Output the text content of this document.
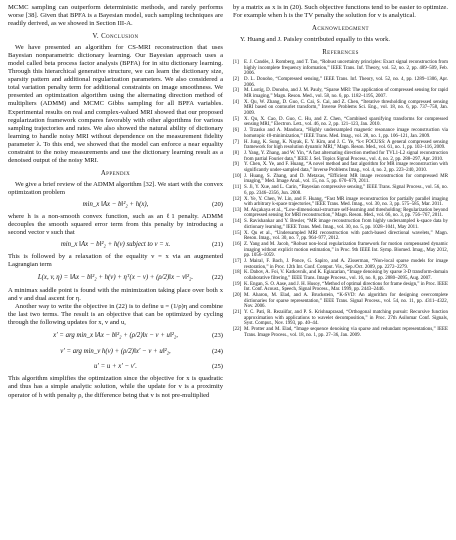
MCMC sampling can outperform deterministic methods, and rarely performs worse [38]. Given that BPFA is a Bayesian model, such sampling techniques are readily derived, as we showed in Section III-A.

V. Conclusion

We have presented an algorithm for CS-MRI reconstruction that uses Bayesian nonparametric dictionary learning. Our Bayesian approach uses a model called beta process factor analysis (BPFA) for in situ dictionary learning. Through this hierarchical generative structure, we can learn the dictionary size, sparsity pattern and additional regularization parameters. We also considered a total variation penalty term for additional constraints on image smoothness. We presented an optimization algorithm using the alternating direction method of multipliers (ADMM) and MCMC Gibbs sampling for all BPFA variables. Experimental results on real and complex-valued MRI showed that our proposed regularization framework compares favorably with other algorithms for various sampling trajectories and rates. We also showed the natural ability of dictionary learning to handle noisy MRI without dependence on the measurement fidelity parameter λ. To this end, we showed that the model can enforce a near equality constraint to the noisy measurements and use the dictionary learning result as a denoised output of the noisy MRI.

Appendix

We give a brief review of the ADMM algorithm [32]. We start with the convex optimization problem

min_x ‖Ax − b‖²₂ + h(x),	(20)

where h is a non-smooth convex function, such as an ℓ1 penalty. ADMM decouples the smooth squared error term from this penalty by introducing a second vector v such that

min_x ‖Ax − b‖²₂ + h(v) subject to v = x.	(21)

This is followed by a relaxation of the equality v = x via an augmented Lagrangian term

L(x, v, η) = ‖Ax − b‖²₂ + h(v) + ηᵀ(x − v) + (ρ/2)‖x − v‖²₂.	(22)

A minimax saddle point is found with the minimization taking place over both x and v and dual ascent for η.

Another way to write the objective in (22) is to define u = (1/ρ)η and combine the last two terms. The result is an objective that can be optimized by cycling through the following updates for x, v and u,

x′ = arg min_x ‖Ax − b‖²₂ + (ρ/2)‖x − v + u‖²₂,	(23)
v′ = arg min_v h(v) + (ρ/2)‖x′ − v + u‖²₂,	(24)
u′ = u + x′ − v′.	(25)

This algorithm simplifies the optimization since the objective for x is quadratic and thus has a simple analytic solution, while the update for v is a proximity operator of h with penalty ρ, the difference being that v is not pre-multiplied

by a matrix as x is in (20). Such objective functions tend to be easier to optimize. For example when h is the TV penalty the solution for v is analytical.

Acknowledgment

Y. Huang and J. Paisley contributed equally to this work.

References
[1]	E. J. Candès, J. Romberg, and T. Tao, “Robust uncertainty principles: Exact signal reconstruction from highly incomplete frequency information,” IEEE Trans. Inf. Theory, vol. 52, no. 2, pp. 489–509, Feb. 2006.
[2]	D. L. Donoho, “Compressed sensing,” IEEE Trans. Inf. Theory, vol. 52, no. 4, pp. 1289–1306, Apr. 2006.
[3]	M. Lustig, D. Donoho, and J. M. Pauly, “Sparse MRI: The application of compressed sensing for rapid MR imaging,” Magn. Reson. Med., vol. 58, no. 6, pp. 1182–1195, 2007.
[4]	X. Qu, W. Zhang, D. Guo, C. Cai, S. Cai, and Z. Chen, “Iterative thresholding compressed sensing MRI based on contourlet transform,” Inverse Problems Sci. Eng., vol. 18, no. 6, pp. 737–758, Jan. 2009.
[5]	X. Qu, X. Cao, D. Guo, C. Hu, and Z. Chen, “Combined sparsifying transforms for compressed sensing MRI,” Electron. Lett., vol. 46, no. 2, pp. 121–123, Jan. 2010.
[6]	J. Trzasko and A. Manduca, “Highly undersampled magnetic resonance image reconstruction via homotopic ℓ0-minimization,” IEEE Trans. Med. Imag., vol. 28, no. 1, pp. 106–121, Jan. 2009.
[7]	H. Jung, K. Sung, K. Nayak, E. Y. Kim, and J. C. Ye, “k-t FOCUSS: A general compressed sensing framework for high resolution dynamic MRI,” Magn. Reson. Med., vol. 61, no. 1, pp. 103–116, 2009.
[8]	J. Yang, Y. Zhang, and W. Yin, “A fast alternating direction method for TVL1-L2 signal reconstruction from partial Fourier data,” IEEE J. Sel. Topics Signal Process., vol. 4, no. 2, pp. 288–297, Apr. 2010.
[9]	Y. Chen, X. Ye, and F. Huang, “A novel method and fast algorithm for MR image reconstruction with significantly under-sampled data,” Inverse Problems Imag., vol. 4, no. 2, pp. 223–240, 2010.
[10] J. Huang, S. Zhang, and D. Metaxas, “Efficient MR image reconstruction for compressed MR imaging,” Med. Image Anal., vol. 15, no. 5, pp. 670–679, 2011.
[11] S. Ji, Y. Xue, and L. Carin, “Bayesian compressive sensing,” IEEE Trans. Signal Process., vol. 56, no. 6, pp. 2346–2356, Jun. 2008.
[12] X. Ye, Y. Chen, W. Lin, and F. Huang, “Fast MR image reconstruction for partially parallel imaging with arbitrary k-space trajectories,” IEEE Trans. Med. Imag., vol. 30, no. 3, pp. 575–585, Mar. 2011.
[13] M. Akçakaya et al., “Low-dimensional-structure self-learning and thresholding: Regularization beyond compressed sensing for MRI reconstruction,” Magn. Reson. Med., vol. 66, no. 3, pp. 756–767, 2011.
[14] S. Ravishankar and Y. Bresler, “MR image reconstruction from highly undersampled k-space data by dictionary learning,” IEEE Trans. Med. Imag., vol. 30, no. 5, pp. 1028–1041, May 2011.
[15] X. Qu et al., “Undersampled MRI reconstruction with patch-based directional wavelets,” Magn. Reson. Imag., vol. 30, no. 7, pp. 964–977, 2012.
[16] Z. Yang and M. Jacob, “Robust non-local regularization framework for motion compensated dynamic imaging without explicit motion estimation,” in Proc. 9th IEEE Int. Symp. Biomed. Imag., May 2012, pp. 1056–1059.
[17] J. Mairal, F. Bach, J. Ponce, G. Sapiro, and A. Zisserman, “Non-local sparse models for image restoration,” in Proc. 12th Int. Conf. Comput. Vis., Sep./Oct. 2009, pp. 2272–2279.
[18] K. Dabov, A. Foi, V. Katkovnik, and K. Egiazarian, “Image denoising by sparse 3-D transform-domain collaborative filtering,” IEEE Trans. Image Process., vol. 16, no. 8, pp. 2080–2095, Aug. 2007.
[19] K. Engan, S. O. Aase, and J. H. Husoy, “Method of optimal directions for frame design,” in Proc. IEEE Int. Conf. Acoust., Speech, Signal Process., Mar. 1999, pp. 2443–2446.
[20] M. Aharon, M. Elad, and A. Bruckstein, “K-SVD: An algorithm for designing overcomplete dictionaries for sparse representation,” IEEE Trans. Signal Process., vol. 54, no. 11, pp. 4311–4322, Nov. 2006.
[21] Y. C. Pati, R. Rezaiifar, and P. S. Krishnaprasad, “Orthogonal matching pursuit: Recursive function approximation with applications to wavelet decomposition,” in Proc. 27th Asilomar Conf. Signals, Syst. Comput., Nov. 1993, pp. 40–44.
[22] M. Protter and M. Elad, “Image sequence denoising via sparse and redundant representations,” IEEE Trans. Image Process., vol. 18, no. 1, pp. 27–36, Jan. 2009.
